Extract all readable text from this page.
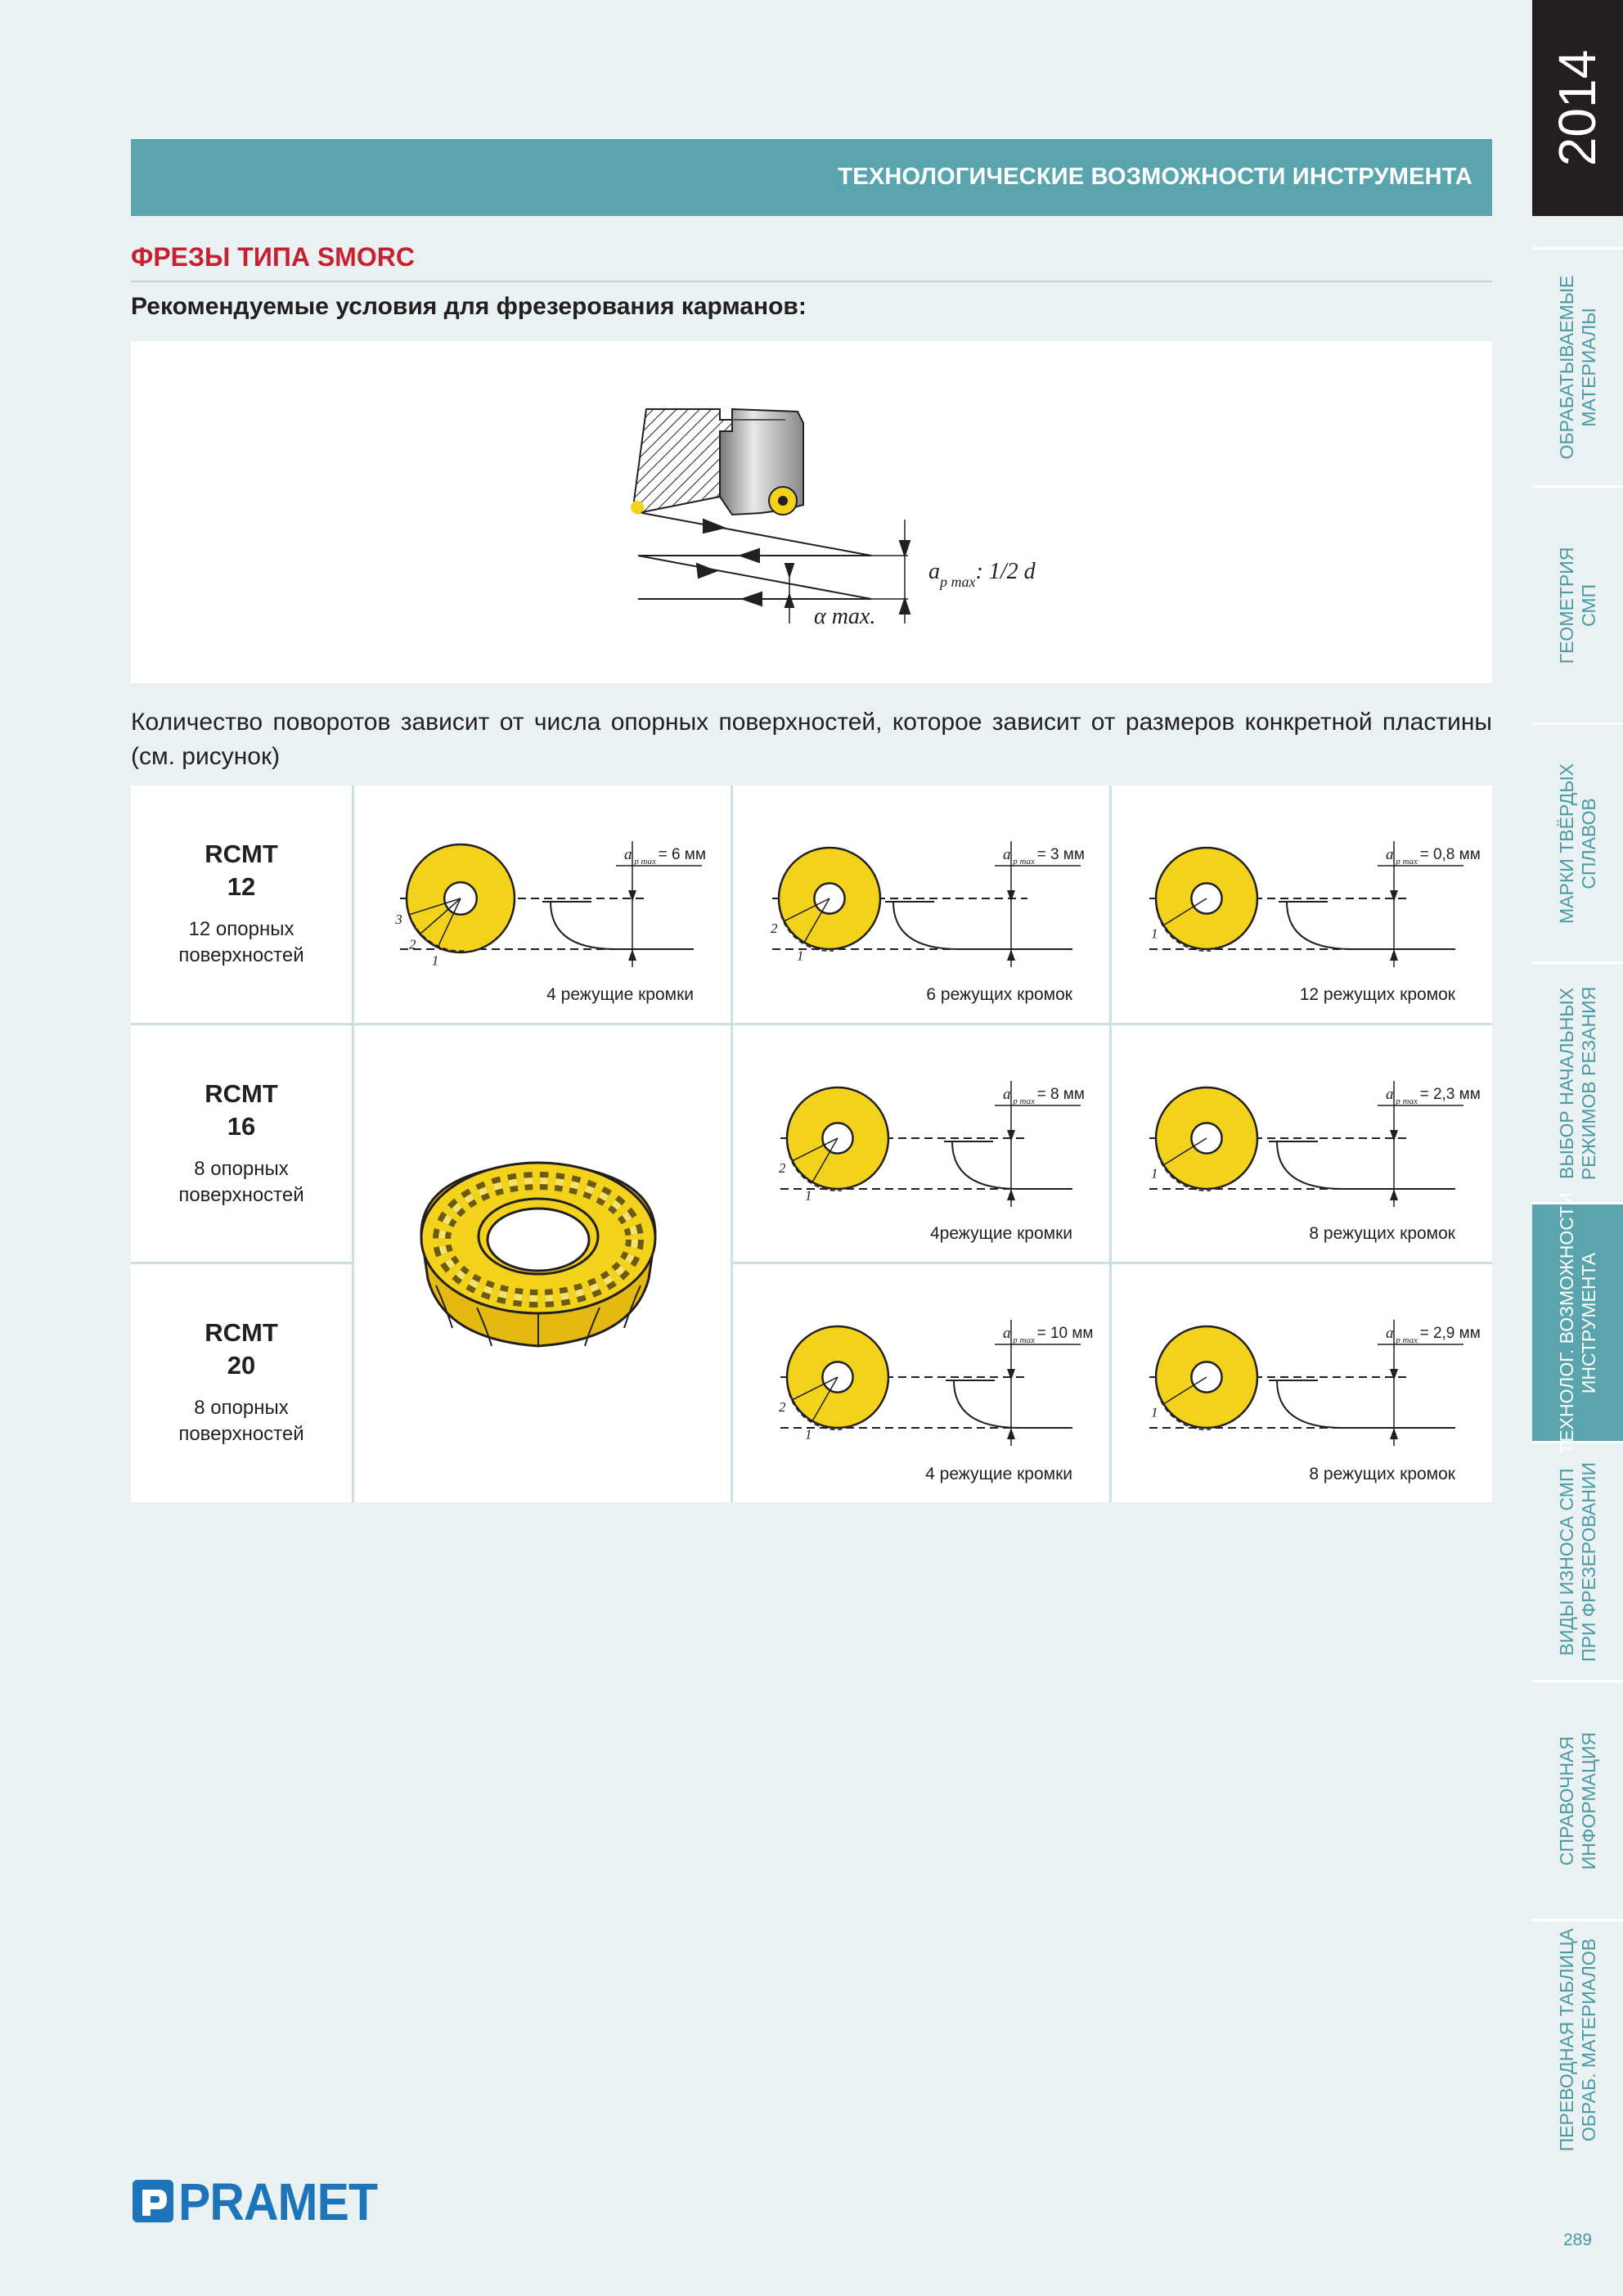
ТЕХНОЛОГИЧЕСКИЕ ВОЗМОЖНОСТИ ИНСТРУМЕНТА
ФРЕЗЫ ТИПА SMORC
Рекомендуемые условия для фрезерования карманов:
$a_{p max}$: 1/2 d
α max.
Количество поворотов зависит от числа опорных поверхностей, которое зависит от размеров конкретной пластины (см. рисунок)
RCMT
12
12 опорных
поверхностей
3
2
1
a $_{p max}$ = 6 мм
4 режущие кромки
2
1
a $_{p max}$ = 3 мм
6 режущих кромок
1
a $_{p max}$ = 0,8 мм
12 режущих кромок
RCMT
16
8 опорных
поверхностей
2
1
a $_{p max}$ = 8 мм
4режущие кромки
1
a $_{p max}$ = 2,3 мм
8 режущих кромок
RCMT
20
8 опорных
поверхностей
2
1
a $_{p max}$ = 10 мм
4 режущие кромки
1
a $_{p max}$ = 2,9 мм
8 режущих кромок
2014
ОБРАБАТЫВАЕМЫЕ
МАТЕРИАЛЫ
ГЕОМЕТРИЯ
СМП
МАРКИ ТВЁРДЫХ
СПЛАВОВ
ВЫБОР НАЧАЛЬНЫХ
РЕЖИМОВ РЕЗАНИЯ
ТЕХНОЛОГ. ВОЗМОЖНОСТИ
ИНСТРУМЕНТА
ВИДЫ ИЗНОСА СМП
ПРИ ФРЕЗЕРОВАНИИ
СПРАВОЧНАЯ
ИНФОРМАЦИЯ
ПЕРЕВОДНАЯ ТАБЛИЦА
ОБРАБ. МАТЕРИАЛОВ
289
PRAMET
